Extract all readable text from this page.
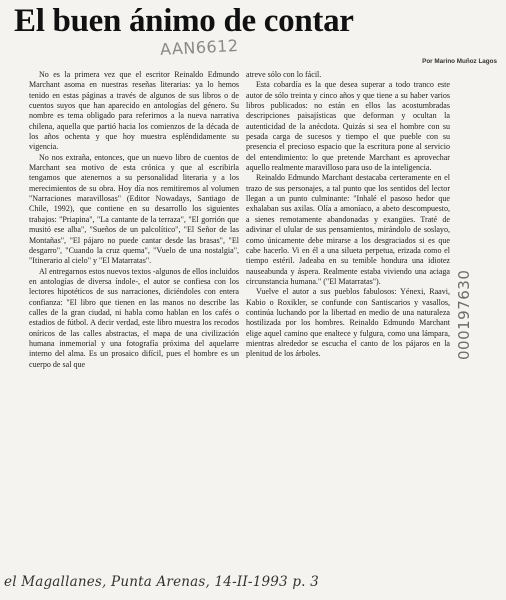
El buen ánimo de contar
AAN6612
Por Marino Muñoz Lagos

No es la primera vez que el escritor Reinaldo Edmundo Marchant asoma en nuestras reseñas literarias: ya lo hemos tenido en estas páginas a través de algunos de sus libros o de cuentos suyos que han aparecido en antologías del género. Su nombre es tema obligado para referirnos a la nueva narrativa chilena, aquella que partió hacia los comienzos de la década de los años ochenta y que hoy muestra espléndidamente su vigencia.

No nos extraña, entonces, que un nuevo libro de cuentos de Marchant sea motivo de esta crónica y que al escribirla tengamos que atenernos a su personalidad literaria y a los merecimientos de su obra. Hoy día nos remitiremos al volumen "Narraciones maravillosas" (Editor Nowadays, Santiago de Chile, 1992), que contiene en su desarrollo los siguientes trabajos: "Priapina", "La cantante de la terraza", "El gorrión que musitó ese alba", "Sueños de un palcolítico", "El Señor de las Montañas", "El pájaro no puede cantar desde las brasas", "El desgarro", "Cuando la cruz quema", "Vuelo de una nostalgia", "Itinerario al cielo" y "El Matarratas".

Al entregarnos estos nuevos textos -algunos de ellos incluidos en antologías de diversa índole-, el autor se confiesa con los lectores hipotéticos de sus narraciones, diciéndoles con entera confianza: "El libro que tienen en las manos no describe las calles de la gran ciudad, ni habla como hablan en los cafés o estadios de fútbol. A decir verdad, este libro muestra los recodos oníricos de las calles abstractas, el mapa de una civilización humana inmemorial y una fotografía próxima del aquelarre interno del alma. Es un prosaico difícil, pues el hombre es un cuerpo de sal que

atreve sólo con lo fácil.

Esta cobardía es la que desea superar a todo tranco este autor de sólo treinta y cinco años y que tiene a su haber varios libros publicados: no están en ellos las acostumbradas descripciones paisajísticas que deforman y ocultan la autenticidad de la anécdota. Quizás si sea el hombre con su pesada carga de sucesos y tiempo el que pueble con su presencia el precioso espacio que la escritura pone al servicio del entendimiento: lo que pretende Marchant es aprovechar aquello realmente maravilloso para uso de la inteligencia.

Reinaldo Edmundo Marchant destacaba certeramente en el trazo de sus personajes, a tal punto que los sentidos del lector llegan a un punto culminante: "Inhalé el pasoso hedor que exhalaban sus axilas. Olía a amoníaco, a abeto descompuesto, a sienes remotamente abandonadas y exangües. Traté de adivinar el ulular de sus pensamientos, mirándolo de soslayo, como únicamente debe mirarse a los desgraciados si es que cabe hacerlo. Vi en él a una silueta perpetua, erizada como el tiempo estéril. Jadeaba en su temible hondura una idiotez nauseabunda y áspera. Realmente estaba viviendo una aciaga circunstancia humana." ("El Matarratas").

Vuelve el autor a sus pueblos fabulosos: Yénexi, Raavi, Kabio o Roxikler, se confunde con Santiscarios y vasallos, continúa luchando por la libertad en medio de una naturaleza hostilizada por los hombres. Reinaldo Edmundo Marchant elige aquel camino que enaltece y fulgura, como una lámpara, mientras alrededor se escucha el canto de los pájaros en la plenitud de los árboles.	000197630
el Magallanes, Punta Arenas, 14-II-1993 p. 3
